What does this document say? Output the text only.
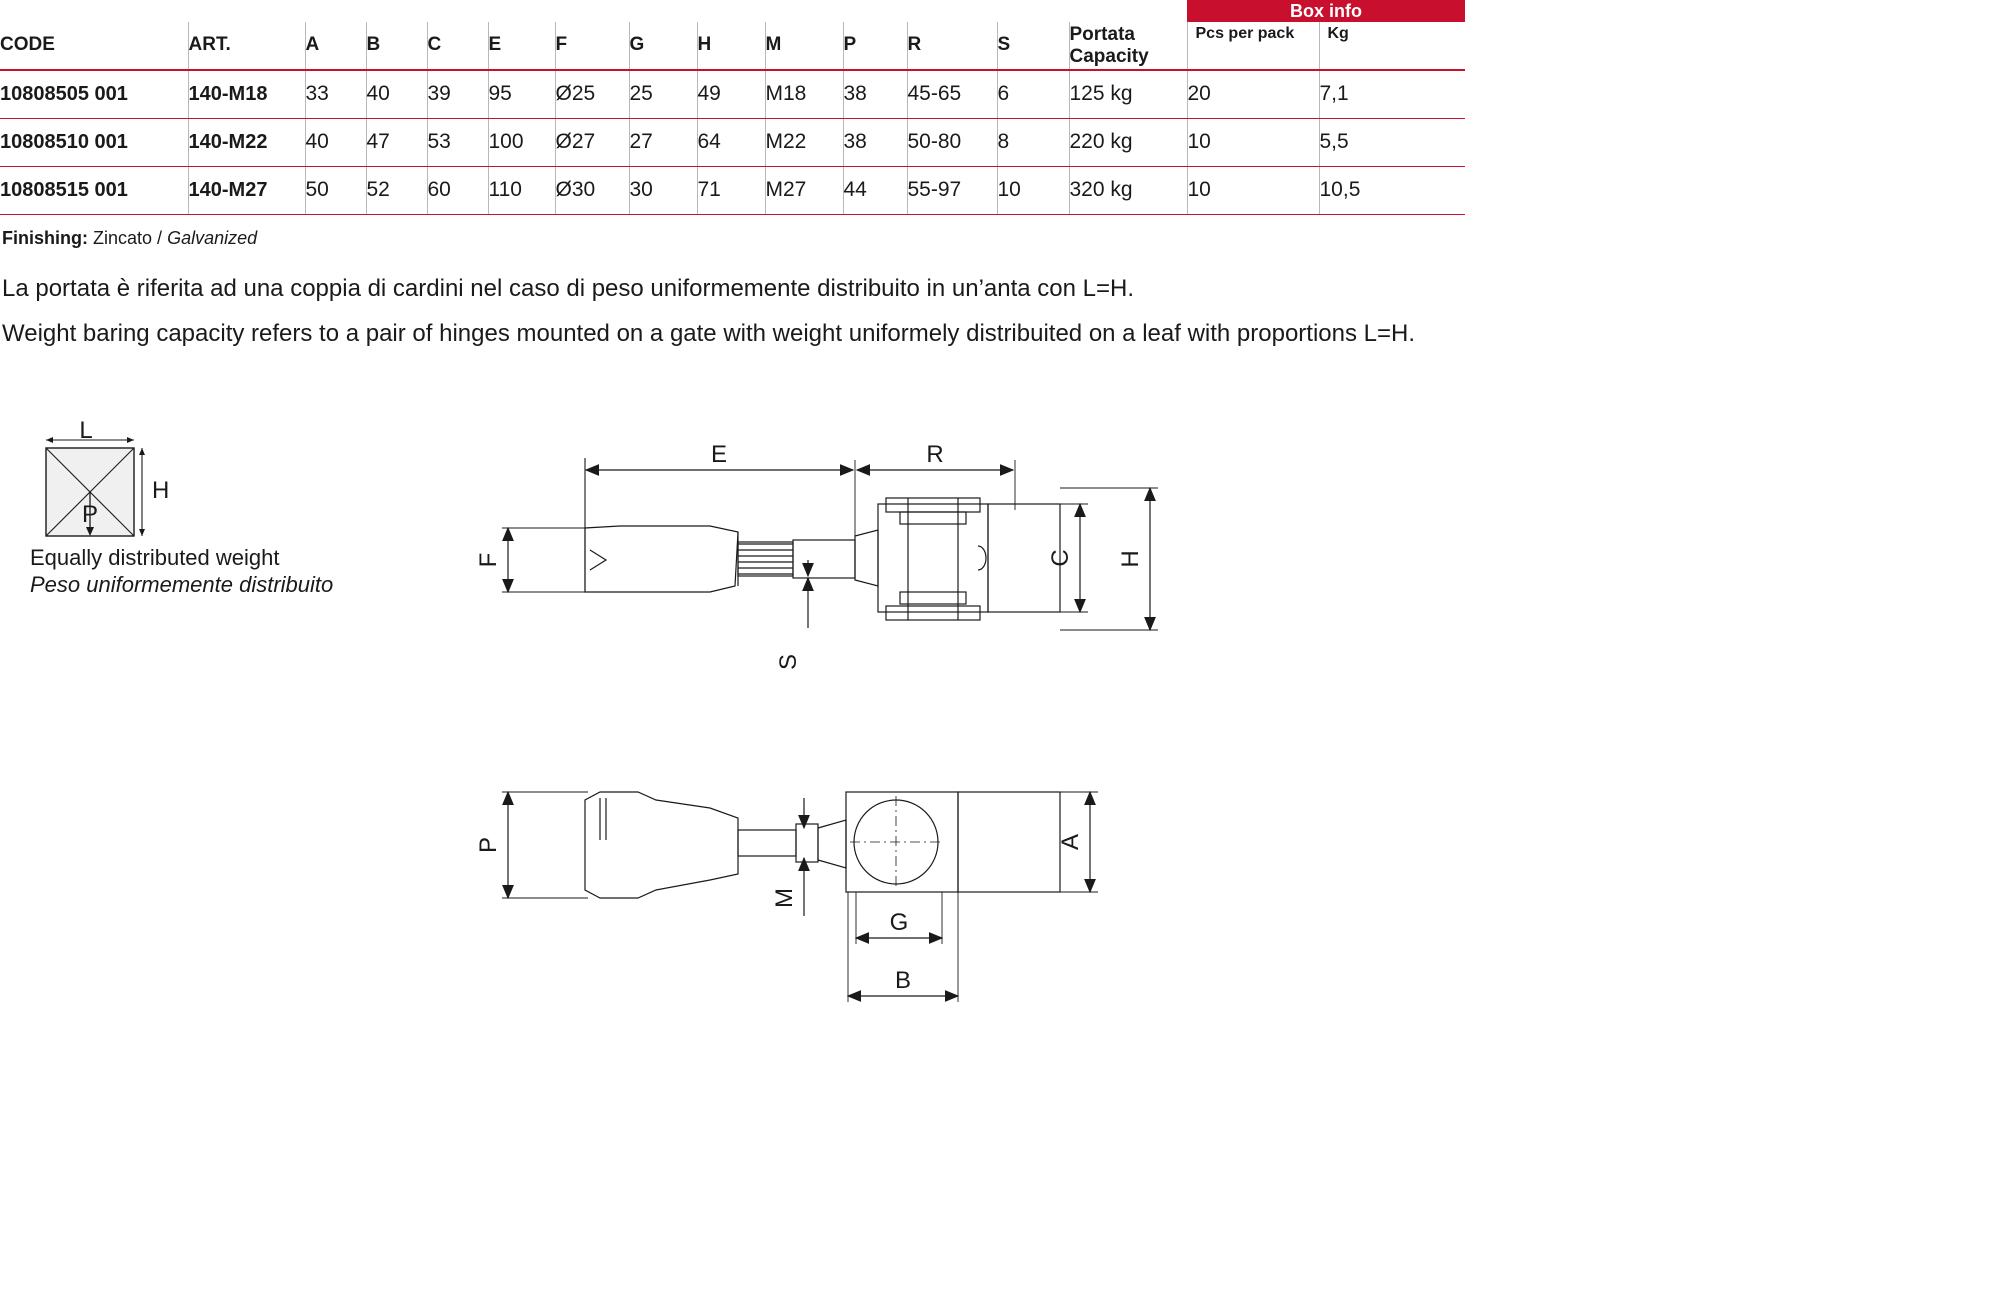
														Box info	

CODE	ART.	A	B	C	E	F	G	H	M	P	R	S	Portata
Capacity	Pcs per pack	Kg

10808505 001	140-M18	33	40	39	95	Ø25	25	49	M18	38	45-65	6	125 kg	20	7,1
10808510 001	140-M22	40	47	53	100	Ø27	27	64	M22	38	50-80	8	220 kg	10	5,5
10808515 001	140-M27	50	52	60	110	Ø30	30	71	M27	44	55-97	10	320 kg	10	10,5
Finishing: Zincato / Galvanized
La portata è riferita ad una coppia di cardini nel caso di peso uniformemente distribuito in un’anta con L=H.
Weight baring capacity refers to a pair of hinges mounted on a gate with weight uniformely distribuited on a leaf with proportions L=H.
L
H
P
Equally distributed weight
Peso uniformemente distribuito
E	R
F	C H
S
P	A
M
G
B
